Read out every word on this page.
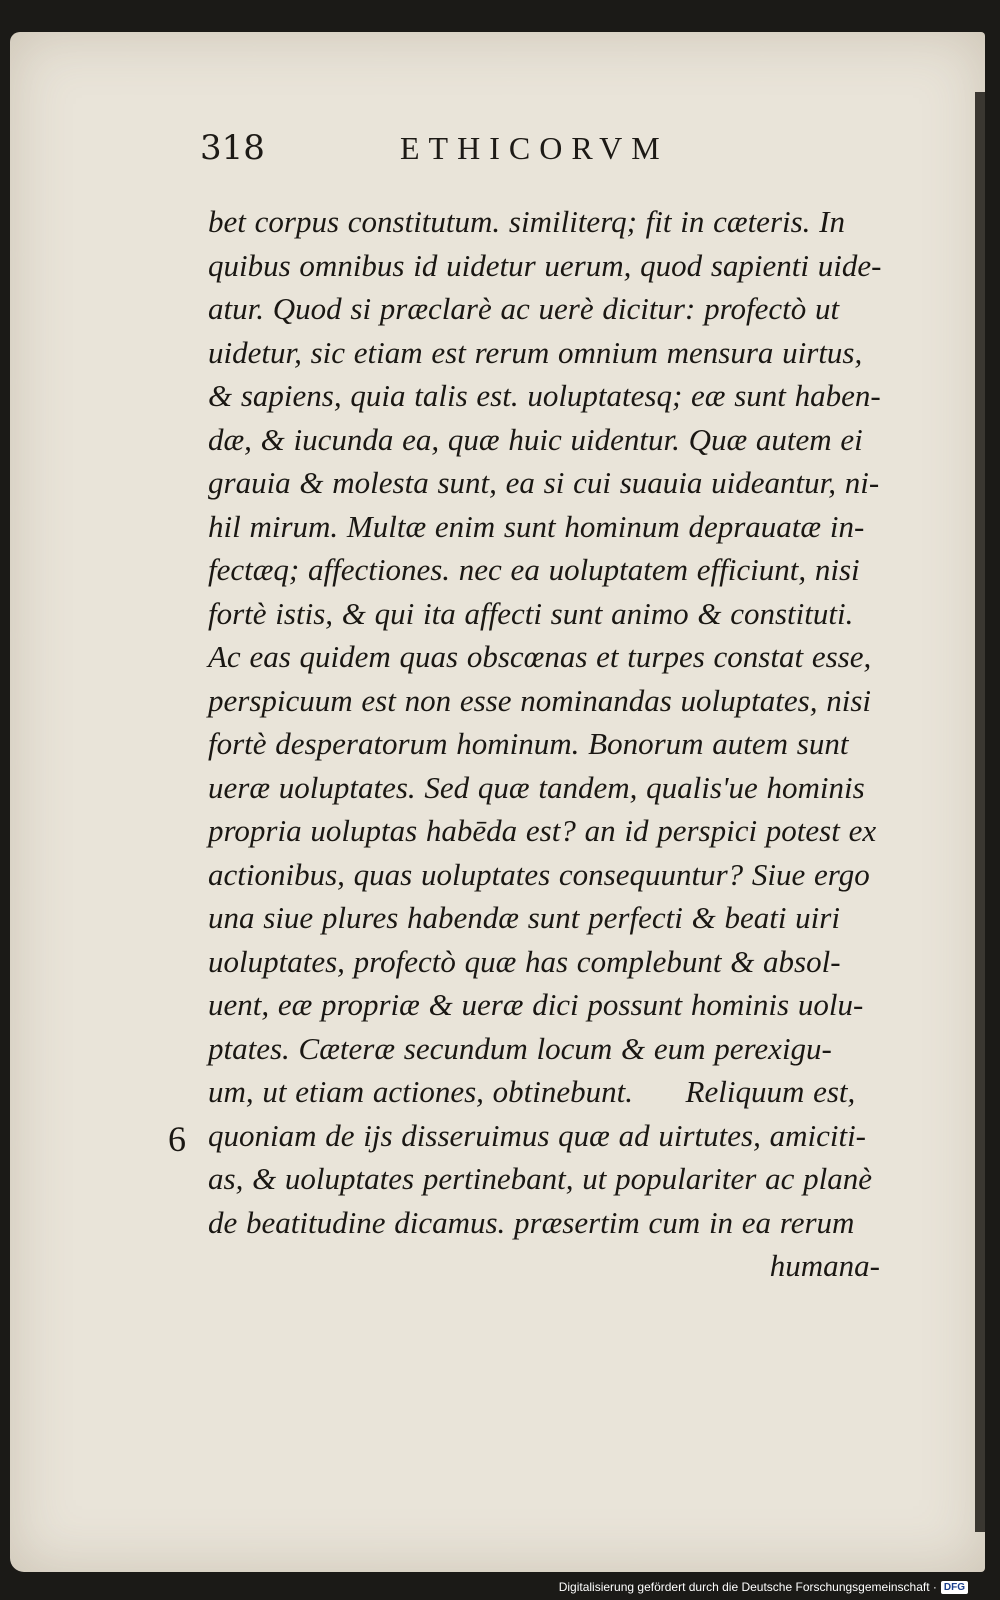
318	ETHICORVM
6
bet corpus constitutum. similiterq; fit in cæteris. In
quibus omnibus id uidetur uerum, quod sapienti uide-
atur. Quod si præclarè ac uerè dicitur: profectò ut
uidetur, sic etiam est rerum omnium mensura uirtus,
& sapiens, quia talis est. uoluptatesq; eæ sunt haben-
dæ, & iucunda ea, quæ huic uidentur. Quæ autem ei
grauia & molesta sunt, ea si cui suauia uideantur, ni-
hil mirum. Multæ enim sunt hominum deprauatæ in-
fectæq; affectiones. nec ea uoluptatem efficiunt, nisi
fortè istis, & qui ita affecti sunt animo & constituti.
Ac eas quidem quas obscœnas et turpes constat esse,
perspicuum est non esse nominandas uoluptates, nisi
fortè desperatorum hominum. Bonorum autem sunt
ueræ uoluptates. Sed quæ tandem, qualis'ue hominis
propria uoluptas habēda est? an id perspici potest ex
actionibus, quas uoluptates consequuntur? Siue ergo
una siue plures habendæ sunt perfecti & beati uiri
uoluptates, profectò quæ has complebunt & absol-
uent, eæ propriæ & ueræ dici possunt hominis uolu-
ptates. Cæteræ secundum locum & eum perexigu-
um, ut etiam actiones, obtinebunt.      Reliquum est,
quoniam de ijs disseruimus quæ ad uirtutes, amiciti-
as, & uoluptates pertinebant, ut populariter ac planè
de beatitudine dicamus. præsertim cum in ea rerum
humana-
Digitalisierung gefördert durch die Deutsche Forschungsgemeinschaft · DFG
